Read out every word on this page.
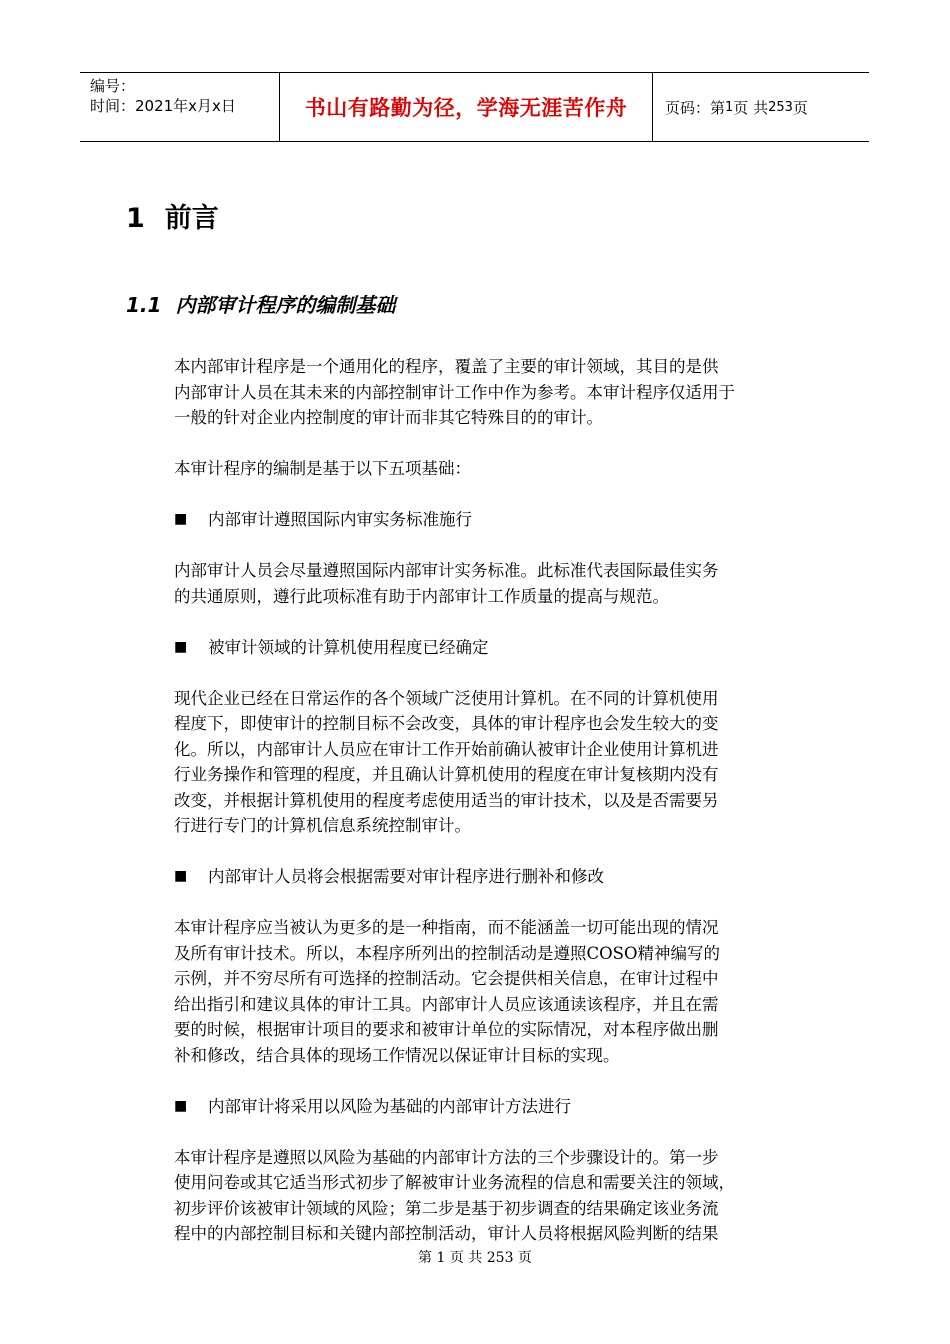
编号：
时间：2021年x月x日	书山有路勤为径，学海无涯苦作舟	页码：第 1 页 共 253 页
1 前言
1.1 内部审计程序的编制基础

本内部审计程序是一个通用化的程序，覆盖了主要的审计领域，其目的是供

内部审计人员在其未来的内部控制审计工作中作为参考。本审计程序仅适用于

一般的针对企业内控制度的审计而非其它特殊目的的审计。

本审计程序的编制是基于以下五项基础：

■	内部审计遵照国际内审实务标准施行

内部审计人员会尽量遵照国际内部审计实务标准。此标准代表国际最佳实务

的共通原则，遵行此项标准有助于内部审计工作质量的提高与规范。

■	被审计领域的计算机使用程度已经确定

现代企业已经在日常运作的各个领域广泛使用计算机。在不同的计算机使用

程度下，即使审计的控制目标不会改变，具体的审计程序也会发生较大的变

化。所以，内部审计人员应在审计工作开始前确认被审计企业使用计算机进

行业务操作和管理的程度，并且确认计算机使用的程度在审计复核期内没有

改变，并根据计算机使用的程度考虑使用适当的审计技术，以及是否需要另

行进行专门的计算机信息系统控制审计。

■	内部审计人员将会根据需要对审计程序进行删补和修改

本审计程序应当被认为更多的是一种指南，而不能涵盖一切可能出现的情况

及所有审计技术。所以，本程序所列出的控制活动是遵照COSO精神编写的

示例，并不穷尽所有可选择的控制活动。它会提供相关信息，在审计过程中

给出指引和建议具体的审计工具。内部审计人员应该通读该程序，并且在需

要的时候，根据审计项目的要求和被审计单位的实际情况，对本程序做出删

补和修改，结合具体的现场工作情况以保证审计目标的实现。

■	内部审计将采用以风险为基础的内部审计方法进行

本审计程序是遵照以风险为基础的内部审计方法的三个步骤设计的。第一步

使用问卷或其它适当形式初步了解被审计业务流程的信息和需要关注的领域，

初步评价该被审计领域的风险；第二步是基于初步调查的结果确定该业务流

程中的内部控制目标和关键内部控制活动，审计人员将根据风险判断的结果

第 1 页 共 253 页
